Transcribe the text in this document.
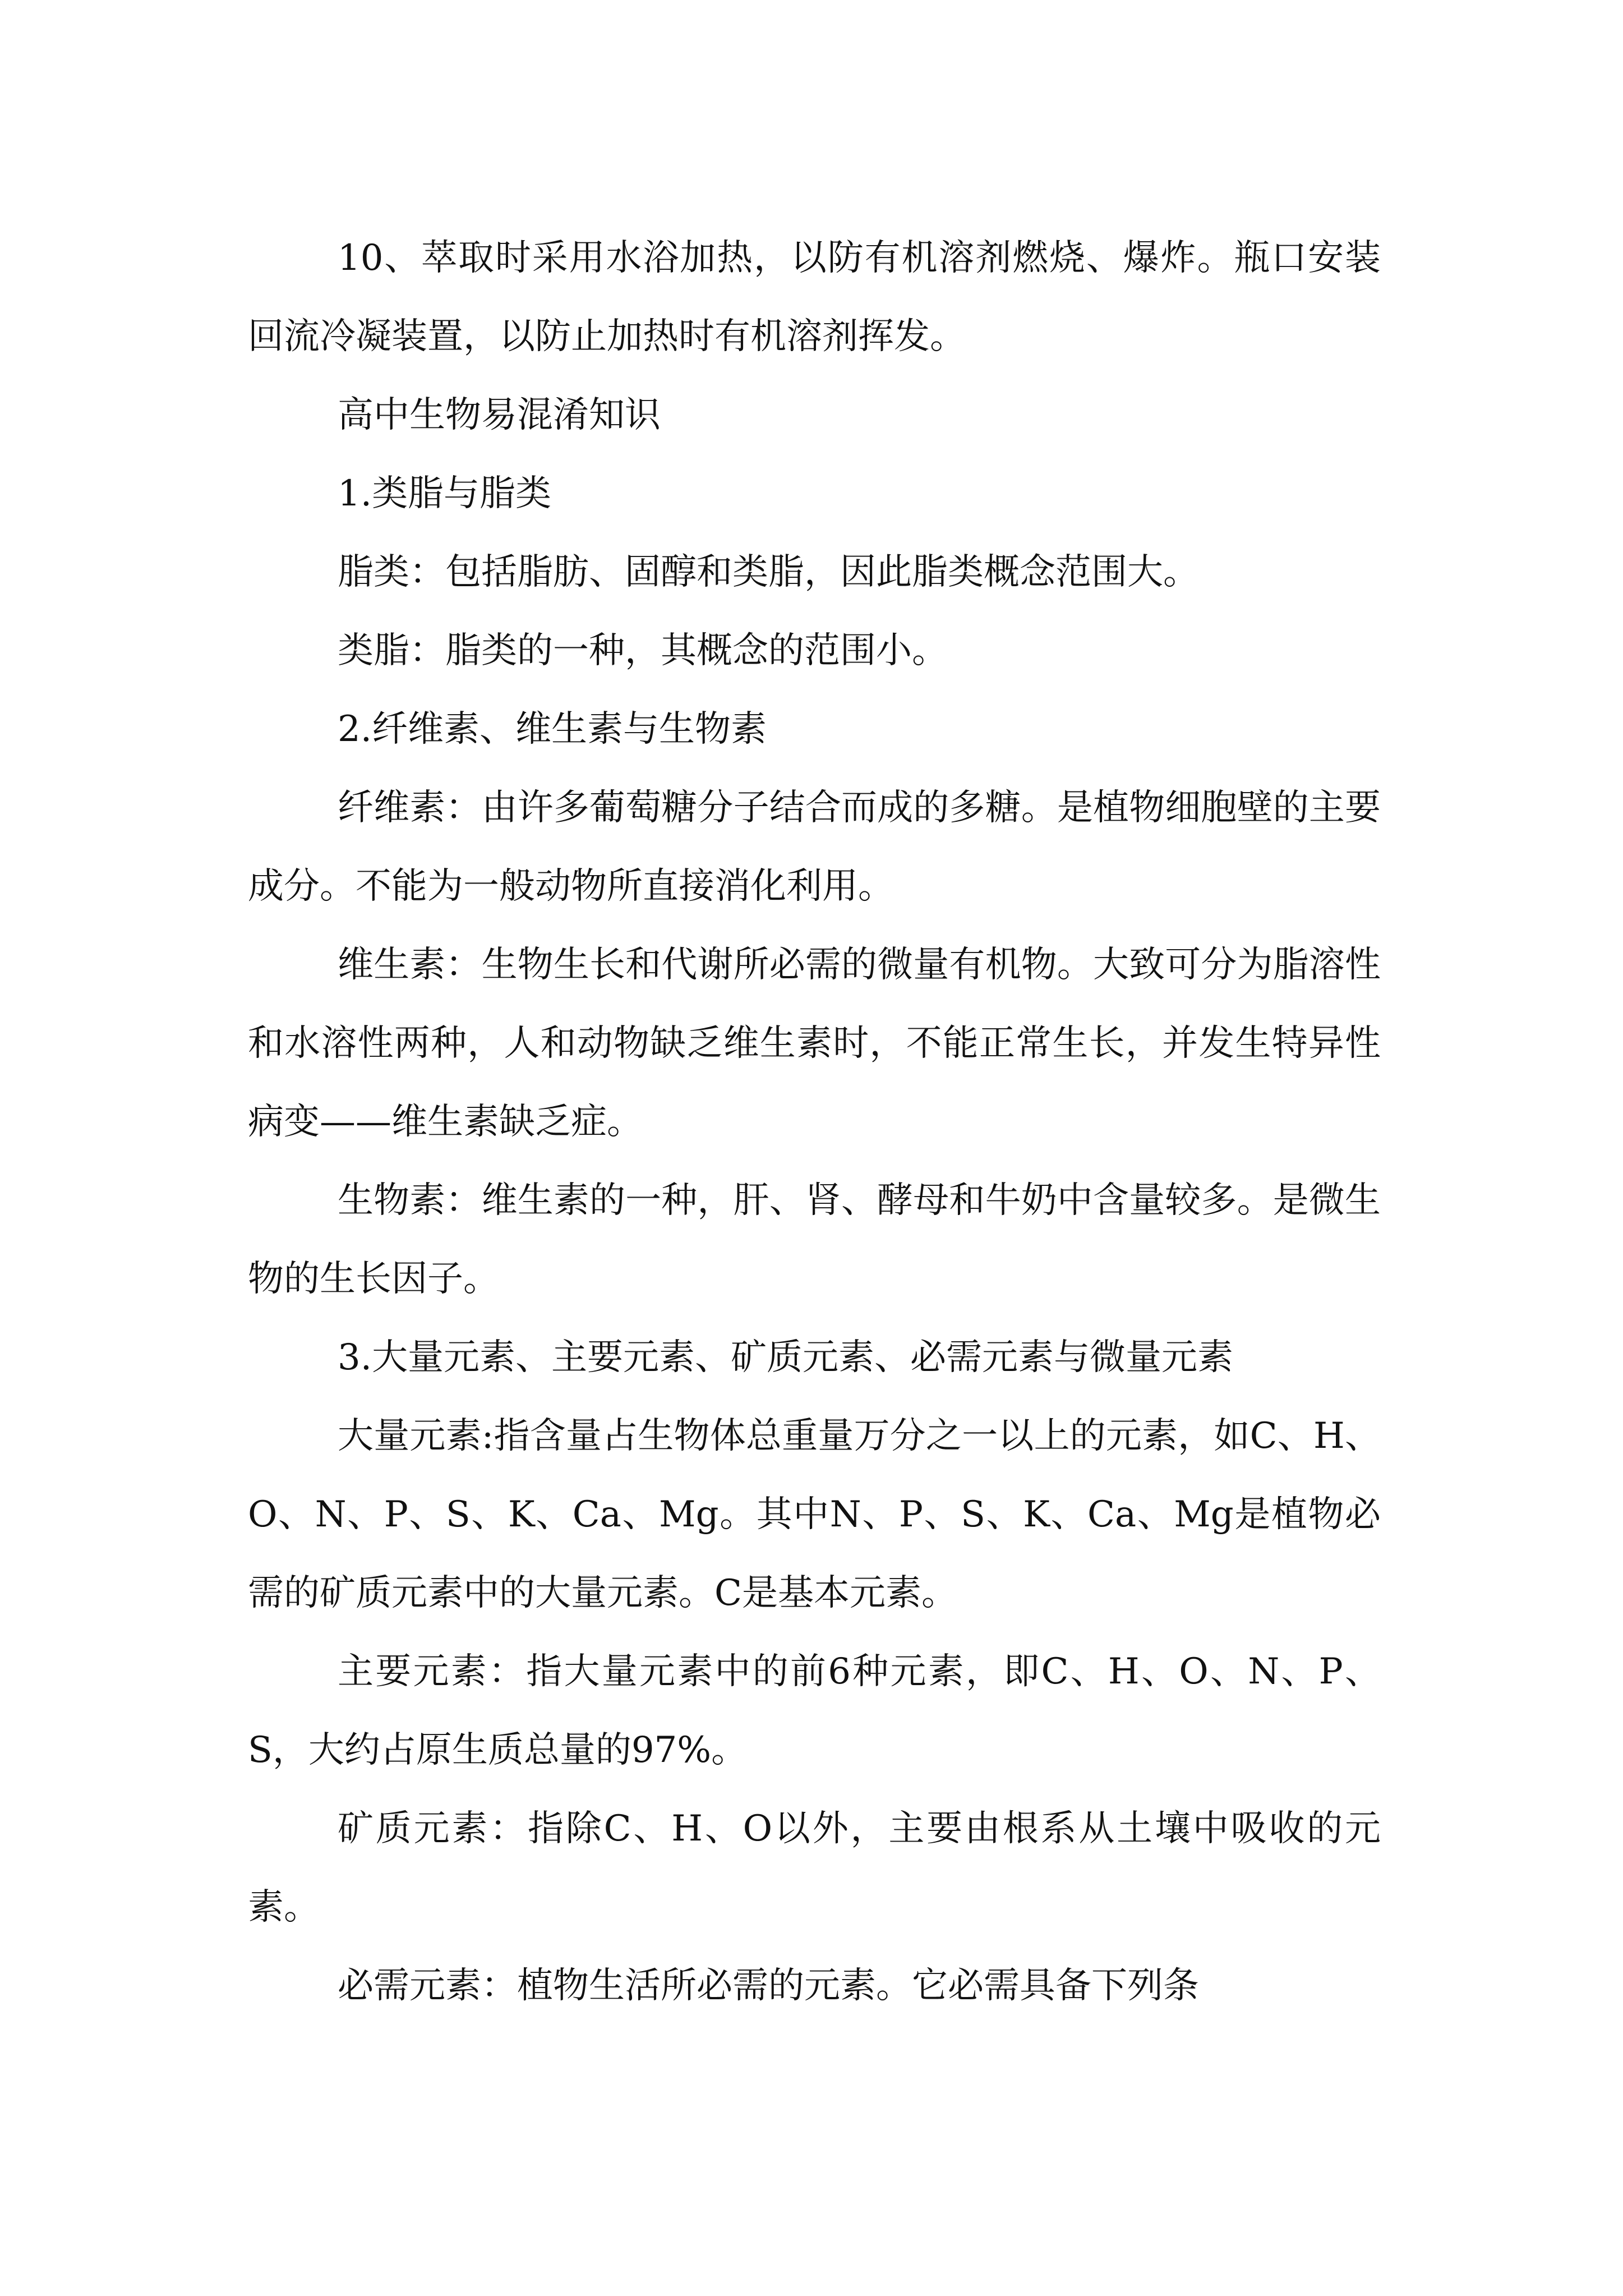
10、萃取时采用水浴加热，以防有机溶剂燃烧、爆炸。瓶口安装回流冷凝装置，以防止加热时有机溶剂挥发。

高中生物易混淆知识

1.类脂与脂类

脂类：包括脂肪、固醇和类脂，因此脂类概念范围大。

类脂：脂类的一种，其概念的范围小。

2.纤维素、维生素与生物素

纤维素：由许多葡萄糖分子结合而成的多糖。是植物细胞壁的主要成分。不能为一般动物所直接消化利用。

维生素：生物生长和代谢所必需的微量有机物。大致可分为脂溶性和水溶性两种，人和动物缺乏维生素时，不能正常生长，并发生特异性病变——维生素缺乏症。

生物素：维生素的一种，肝、肾、酵母和牛奶中含量较多。是微生物的生长因子。

3.大量元素、主要元素、矿质元素、必需元素与微量元素

大量元素:指含量占生物体总重量万分之一以上的元素，如C、H、O、N、P、S、K、Ca、Mg。其中N、P、S、K、Ca、Mg是植物必需的矿质元素中的大量元素。C是基本元素。

主要元素：指大量元素中的前6种元素，即C、H、O、N、P、S，大约占原生质总量的97%。

矿质元素：指除C、H、O以外，主要由根系从土壤中吸收的元素。

必需元素：植物生活所必需的元素。它必需具备下列条
